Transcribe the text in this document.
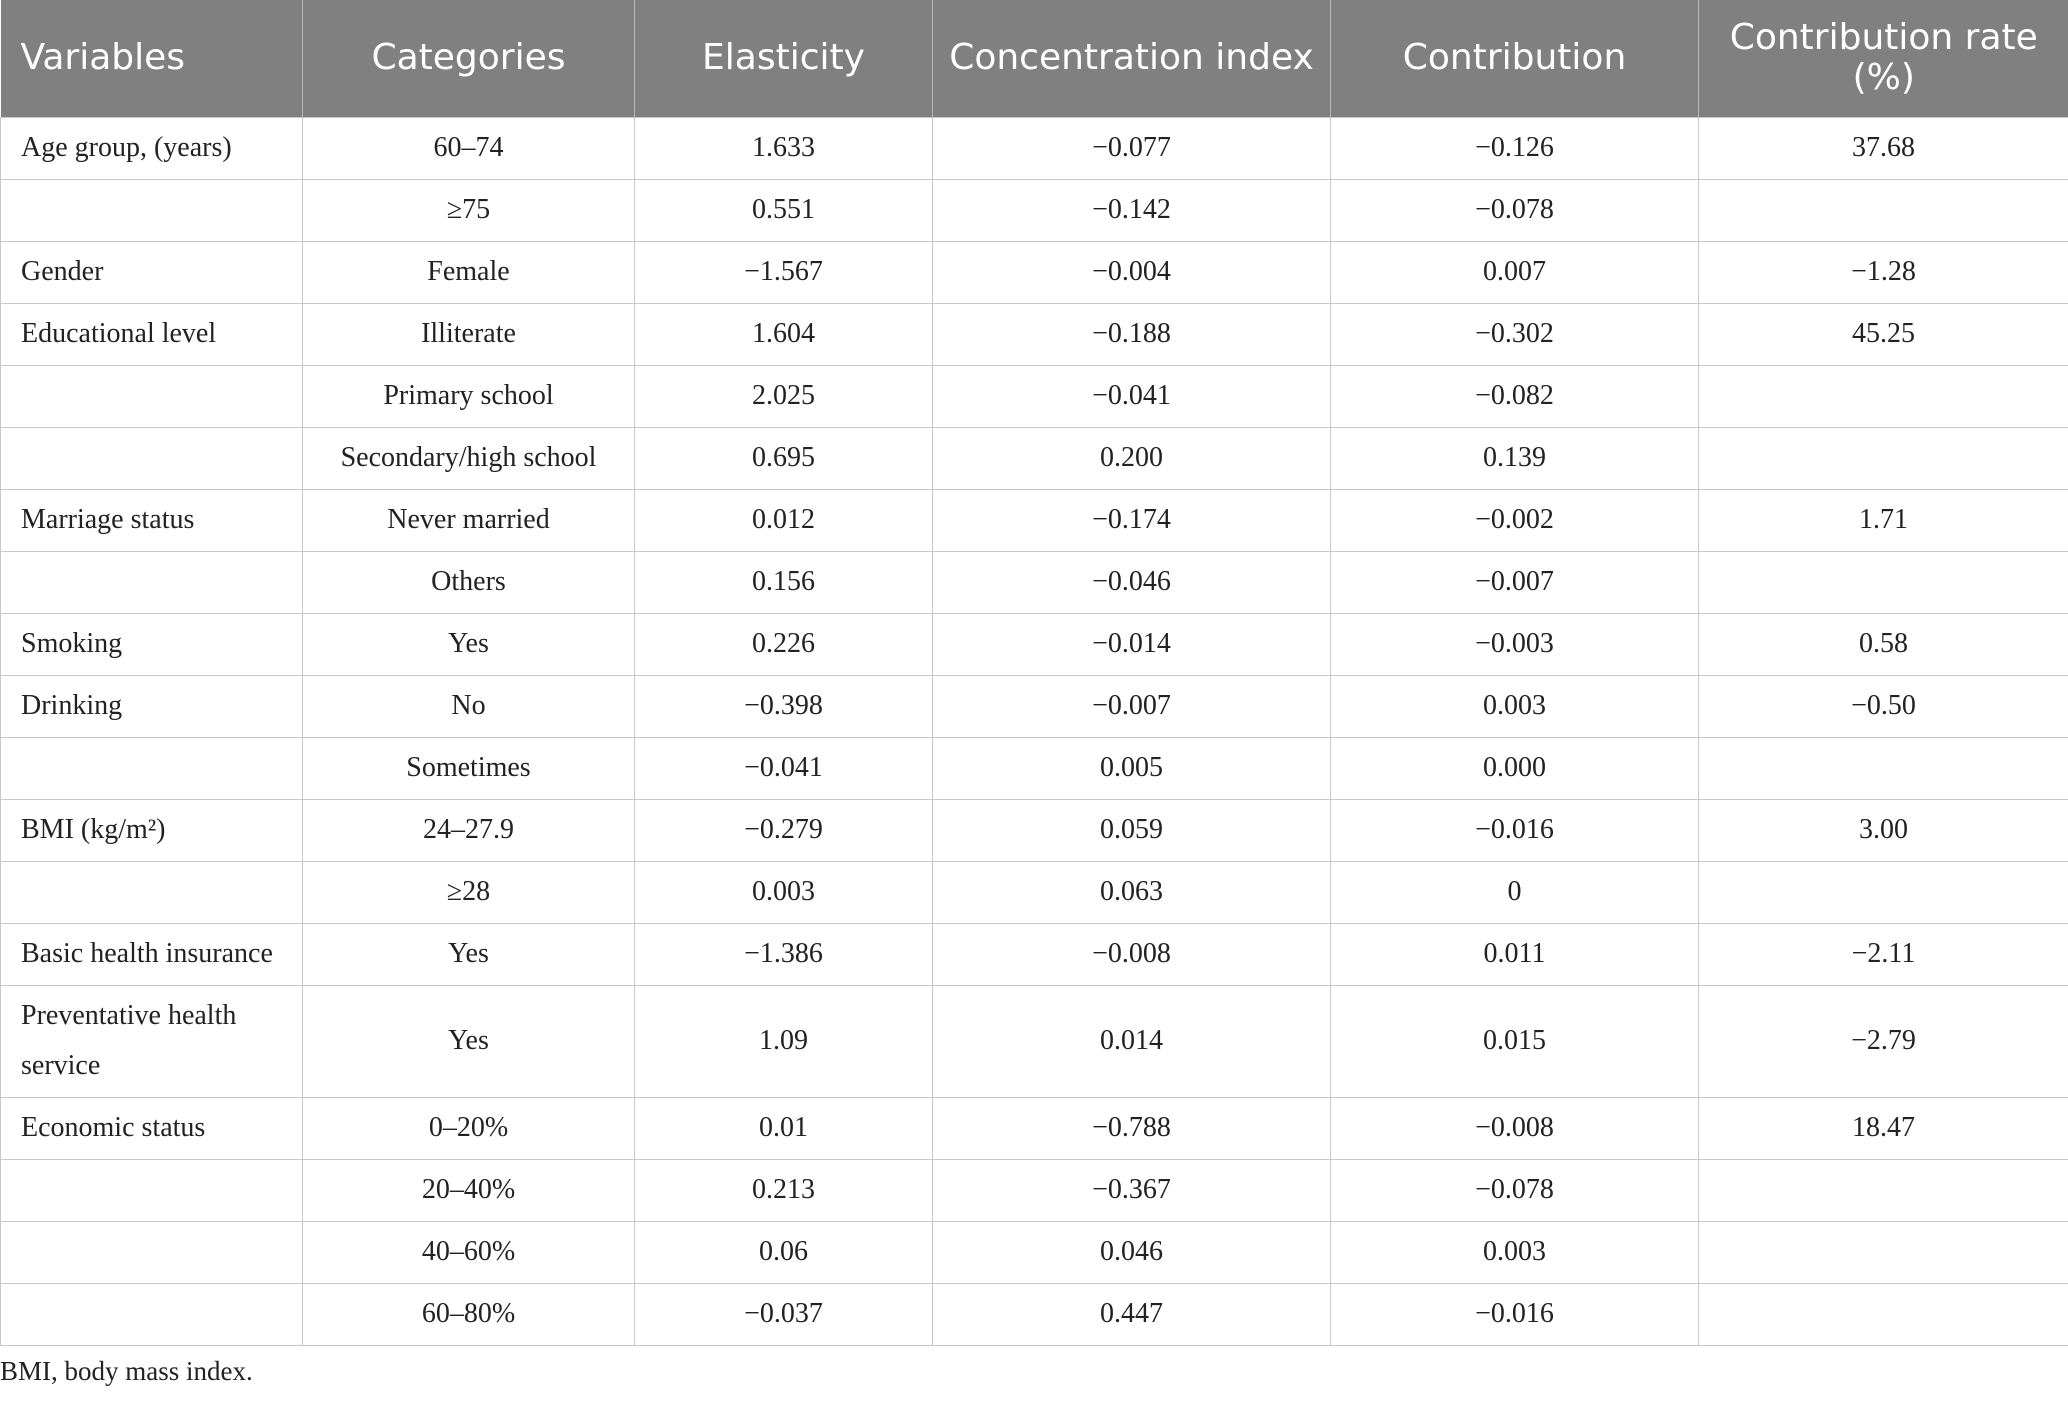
Variables	Categories	Elasticity	Concentration index	Contribution	Contribution rate (%)
Age group, (years)	60–74	1.633	−0.077	−0.126	37.68
	≥75	0.551	−0.142	−0.078	
Gender	Female	−1.567	−0.004	0.007	−1.28
Educational level	Illiterate	1.604	−0.188	−0.302	45.25
	Primary school	2.025	−0.041	−0.082	
	Secondary/high school	0.695	0.200	0.139	
Marriage status	Never married	0.012	−0.174	−0.002	1.71
	Others	0.156	−0.046	−0.007	
Smoking	Yes	0.226	−0.014	−0.003	0.58
Drinking	No	−0.398	−0.007	0.003	−0.50
	Sometimes	−0.041	0.005	0.000	
BMI (kg/m²)	24–27.9	−0.279	0.059	−0.016	3.00
	≥28	0.003	0.063	0	
Basic health insurance	Yes	−1.386	−0.008	0.011	−2.11
Preventative health service	Yes	1.09	0.014	0.015	−2.79
Economic status	0–20%	0.01	−0.788	−0.008	18.47
	20–40%	0.213	−0.367	−0.078	
	40–60%	0.06	0.046	0.003	
	60–80%	−0.037	0.447	−0.016	
BMI, body mass index.
